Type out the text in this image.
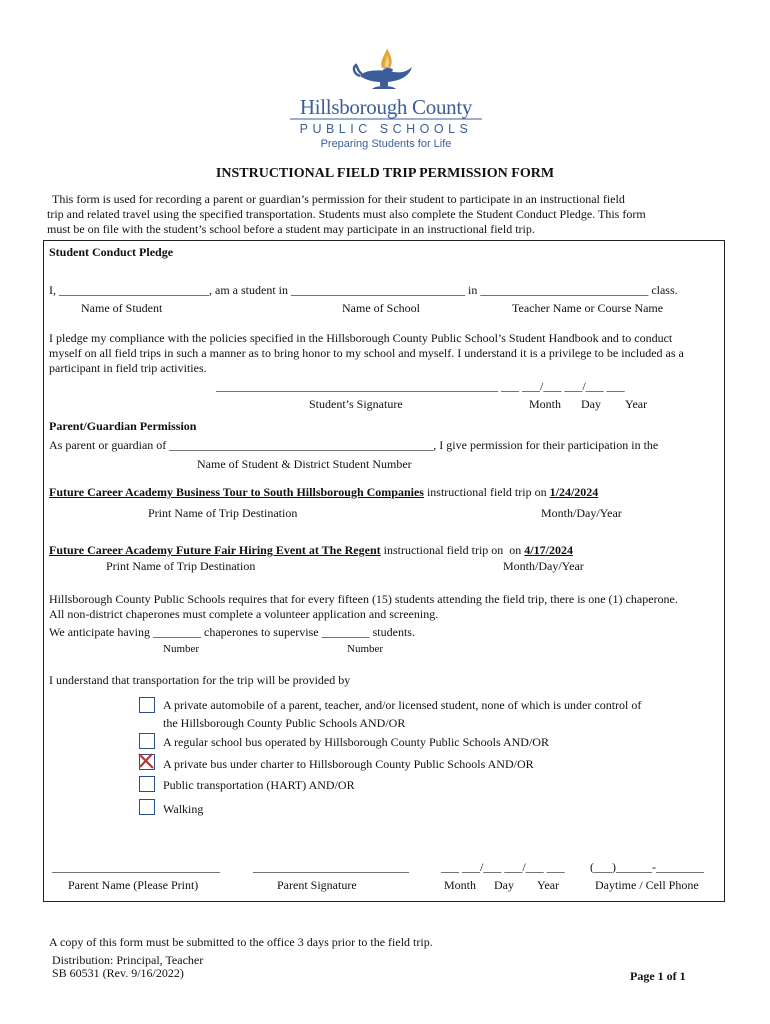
Hillsborough County
PUBLIC SCHOOLS
Preparing Students for Life
INSTRUCTIONAL FIELD TRIP PERMISSION FORM
This form is used for recording a parent or guardian’s permission for their student to participate in an instructional field
trip and related travel using the specified transportation. Students must also complete the Student Conduct Pledge. This form
must be on file with the student’s school before a student may participate in an instructional field trip.
Student Conduct Pledge
I, _________________________, am a student in _____________________________ in ____________________________ class.
Name of Student	Name of School	Teacher Name or Course Name
I pledge my compliance with the policies specified in the Hillsborough County Public School’s Student Handbook and to conduct
myself on all field trips in such a manner as to bring honor to my school and myself. I understand it is a privilege to be included as a
participant in field trip activities.
_______________________________________________ ___ ___/___ ___/___ ___
Student’s Signature	Month Day Year
Parent/Guardian Permission
As parent or guardian of ____________________________________________, I give permission for their participation in the
Name of Student & District Student Number
Future Career Academy Business Tour to South Hillsborough Companies instructional field trip on 1/24/2024
Print Name of Trip Destination	Month/Day/Year
Future Career Academy Future Fair Hiring Event at The Regent instructional field trip on  on 4/17/2024
Print Name of Trip Destination	Month/Day/Year
Hillsborough County Public Schools requires that for every fifteen (15) students attending the field trip, there is one (1) chaperone.
All non-district chaperones must complete a volunteer application and screening.
We anticipate having ________ chaperones to supervise ________ students.
Number	Number
I understand that transportation for the trip will be provided by
A private automobile of a parent, teacher, and/or licensed student, none of which is under control of
the Hillsborough County Public Schools AND/OR
A regular school bus operated by Hillsborough County Public Schools AND/OR
A private bus under charter to Hillsborough County Public Schools AND/OR
Public transportation (HART) AND/OR
Walking
____________________________	__________________________	___ ___/___ ___/___ ___ (___)______-________
Parent Name (Please Print)	Parent Signature	Month Day Year	Daytime / Cell Phone
A copy of this form must be submitted to the office 3 days prior to the field trip.
Distribution: Principal, Teacher
SB 60531 (Rev. 9/16/2022)	Page 1 of 1
